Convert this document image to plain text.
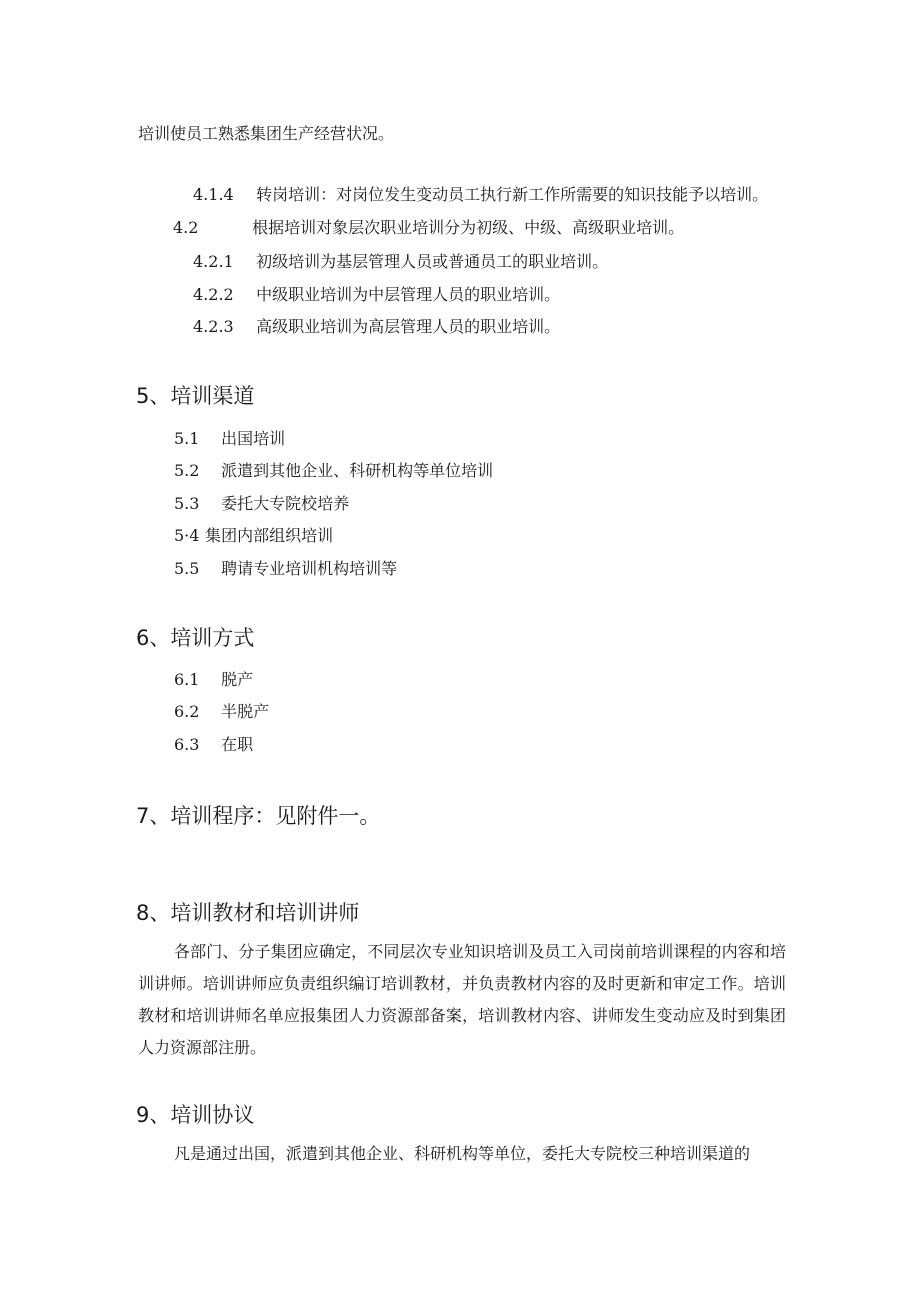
培训使员工熟悉集团生产经营状况。
4.1.4 转岗培训：对岗位发生变动员工执行新工作所需要的知识技能予以培训。
4.2	根据培训对象层次职业培训分为初级、中级、高级职业培训。
4.2.1 初级培训为基层管理人员或普通员工的职业培训。
4.2.2 中级职业培训为中层管理人员的职业培训。
4.2.3 高级职业培训为高层管理人员的职业培训。
5、培训渠道
5.1 出国培训
5.2 派遣到其他企业、科研机构等单位培训
5.3 委托大专院校培养
5·4 集团内部组织培训
5.5 聘请专业培训机构培训等
6、培训方式
6.1 脱产
6.2 半脱产
6.3 在职
7、培训程序：见附件一。
8、培训教材和培训讲师
各部门、分子集团应确定，不同层次专业知识培训及员工入司岗前培训课程的内容和培训讲师。培训讲师应负责组织编订培训教材，并负责教材内容的及时更新和审定工作。培训教材和培训讲师名单应报集团人力资源部备案，培训教材内容、讲师发生变动应及时到集团人力资源部注册。
9、培训协议
凡是通过出国，派遣到其他企业、科研机构等单位，委托大专院校三种培训渠道的
